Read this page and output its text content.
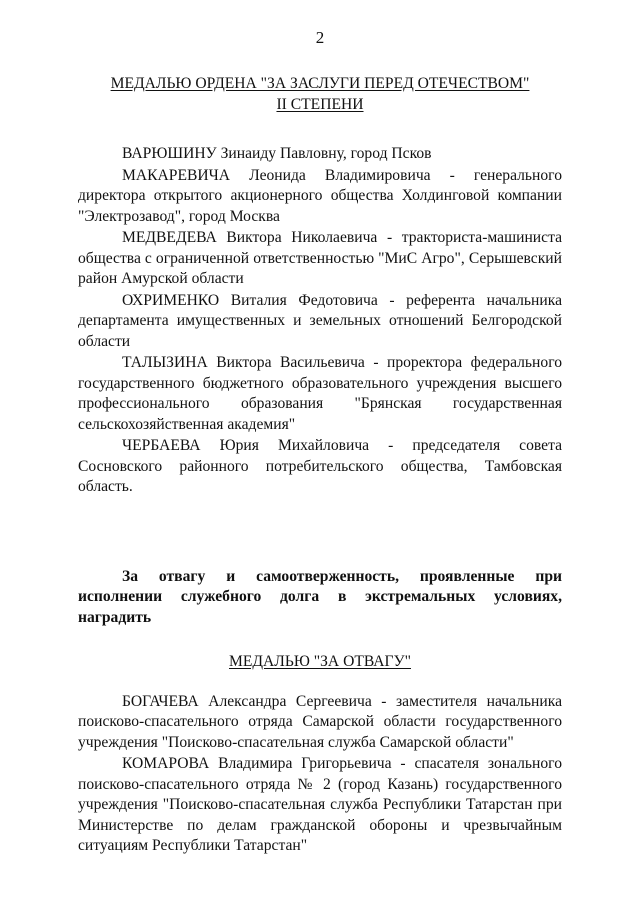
2
МЕДАЛЬЮ ОРДЕНА "ЗА ЗАСЛУГИ ПЕРЕД ОТЕЧЕСТВОМ"
II СТЕПЕНИ

ВАРЮШИНУ Зинаиду Павловну, город Псков

МАКАРЕВИЧА Леонида Владимировича - генерального директора открытого акционерного общества Холдинговой компании "Электрозавод", город Москва

МЕДВЕДЕВА Виктора Николаевича - тракториста-машиниста общества с ограниченной ответственностью "МиС Агро", Серышевский район Амурской области

ОХРИМЕНКО Виталия Федотовича - референта начальника департамента имущественных и земельных отношений Белгородской области

ТАЛЫЗИНА Виктора Васильевича - проректора федерального государственного бюджетного образовательного учреждения высшего профессионального образования "Брянская государственная сельскохозяйственная академия"

ЧЕРБАЕВА Юрия Михайловича - председателя совета Сосновского районного потребительского общества, Тамбовская область.

За отвагу и самоотверженность, проявленные при исполнении служебного долга в экстремальных условиях, наградить

МЕДАЛЬЮ "ЗА ОТВАГУ"

БОГАЧЕВА Александра Сергеевича - заместителя начальника поисково-спасательного отряда Самарской области государственного учреждения "Поисково-спасательная служба Самарской области"

КОМАРОВА Владимира Григорьевича - спасателя зонального поисково-спасательного отряда № 2 (город Казань) государственного учреждения "Поисково-спасательная служба Республики Татарстан при Министерстве по делам гражданской обороны и чрезвычайным ситуациям Республики Татарстан"
